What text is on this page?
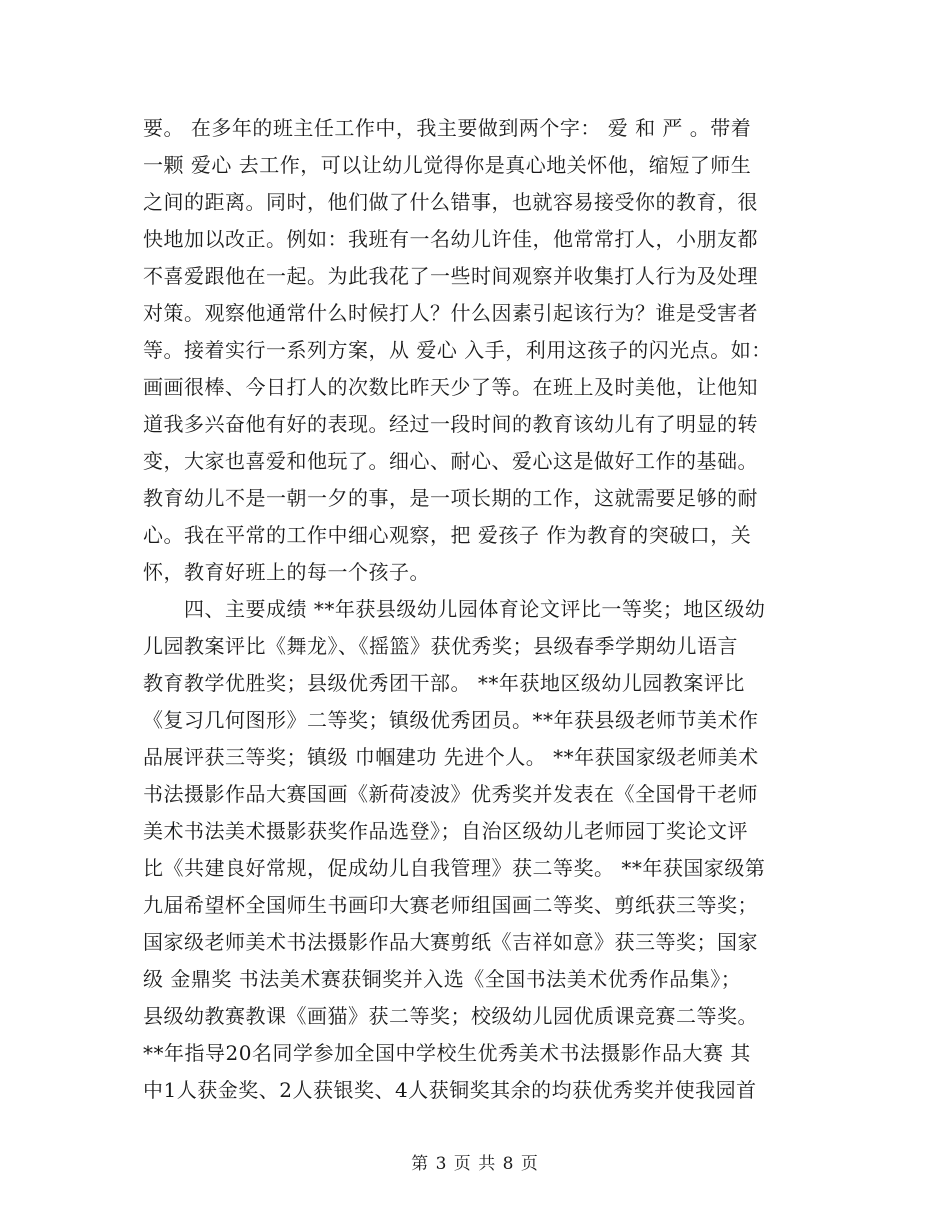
要。 在多年的班主任工作中，我主要做到两个字： 爱 和 严 。带着
一颗 爱心 去工作，可以让幼儿觉得你是真心地关怀他，缩短了师生
之间的距离。同时，他们做了什么错事，也就容易接受你的教育，很
快地加以改正。例如：我班有一名幼儿许佳，他常常打人，小朋友都
不喜爱跟他在一起。为此我花了一些时间观察并收集打人行为及处理
对策。观察他通常什么时候打人？什么因素引起该行为？谁是受害者
等。接着实行一系列方案，从 爱心 入手，利用这孩子的闪光点。如：
画画很棒、今日打人的次数比昨天少了等。在班上及时美他，让他知
道我多兴奋他有好的表现。经过一段时间的教育该幼儿有了明显的转
变，大家也喜爱和他玩了。细心、耐心、爱心这是做好工作的基础。
教育幼儿不是一朝一夕的事，是一项长期的工作，这就需要足够的耐
心。我在平常的工作中细心观察，把 爱孩子 作为教育的突破口，关
怀，教育好班上的每一个孩子。
　　四、主要成绩 **年获县级幼儿园体育论文评比一等奖；地区级幼
儿园教案评比《舞龙》、《摇篮》获优秀奖；县级春季学期幼儿语言
教育教学优胜奖；县级优秀团干部。 **年获地区级幼儿园教案评比
《复习几何图形》二等奖；镇级优秀团员。**年获县级老师节美术作
品展评获三等奖；镇级 巾帼建功 先进个人。 **年获国家级老师美术
书法摄影作品大赛国画《新荷凌波》优秀奖并发表在《全国骨干老师
美术书法美术摄影获奖作品选登》；自治区级幼儿老师园丁奖论文评
比《共建良好常规，促成幼儿自我管理》获二等奖。 **年获国家级第
九届希望杯全国师生书画印大赛老师组国画二等奖、剪纸获三等奖；
国家级老师美术书法摄影作品大赛剪纸《吉祥如意》获三等奖；国家
级 金鼎奖 书法美术赛获铜奖并入选《全国书法美术优秀作品集》；
县级幼教赛教课《画猫》获二等奖；校级幼儿园优质课竞赛二等奖。
**年指导20名同学参加全国中学校生优秀美术书法摄影作品大赛 其
中1人获金奖、2人获银奖、4人获铜奖其余的均获优秀奖并使我园首
第 3 页 共 8 页
